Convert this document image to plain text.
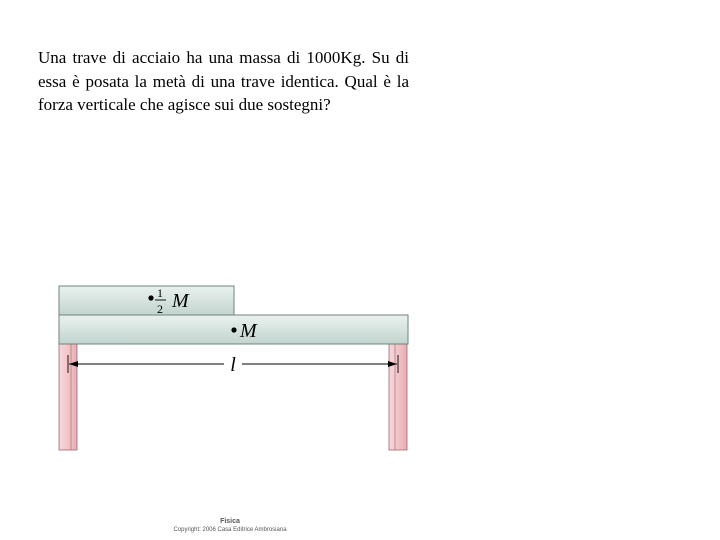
Una trave di acciaio ha una massa di 1000Kg. Su di essa è posata la metà di una trave identica. Qual è la forza verticale che agisce sui due sostegni?

1
2 M
M
l
Fisica
Copyright: 2006 Casa Editrice Ambrosiana
